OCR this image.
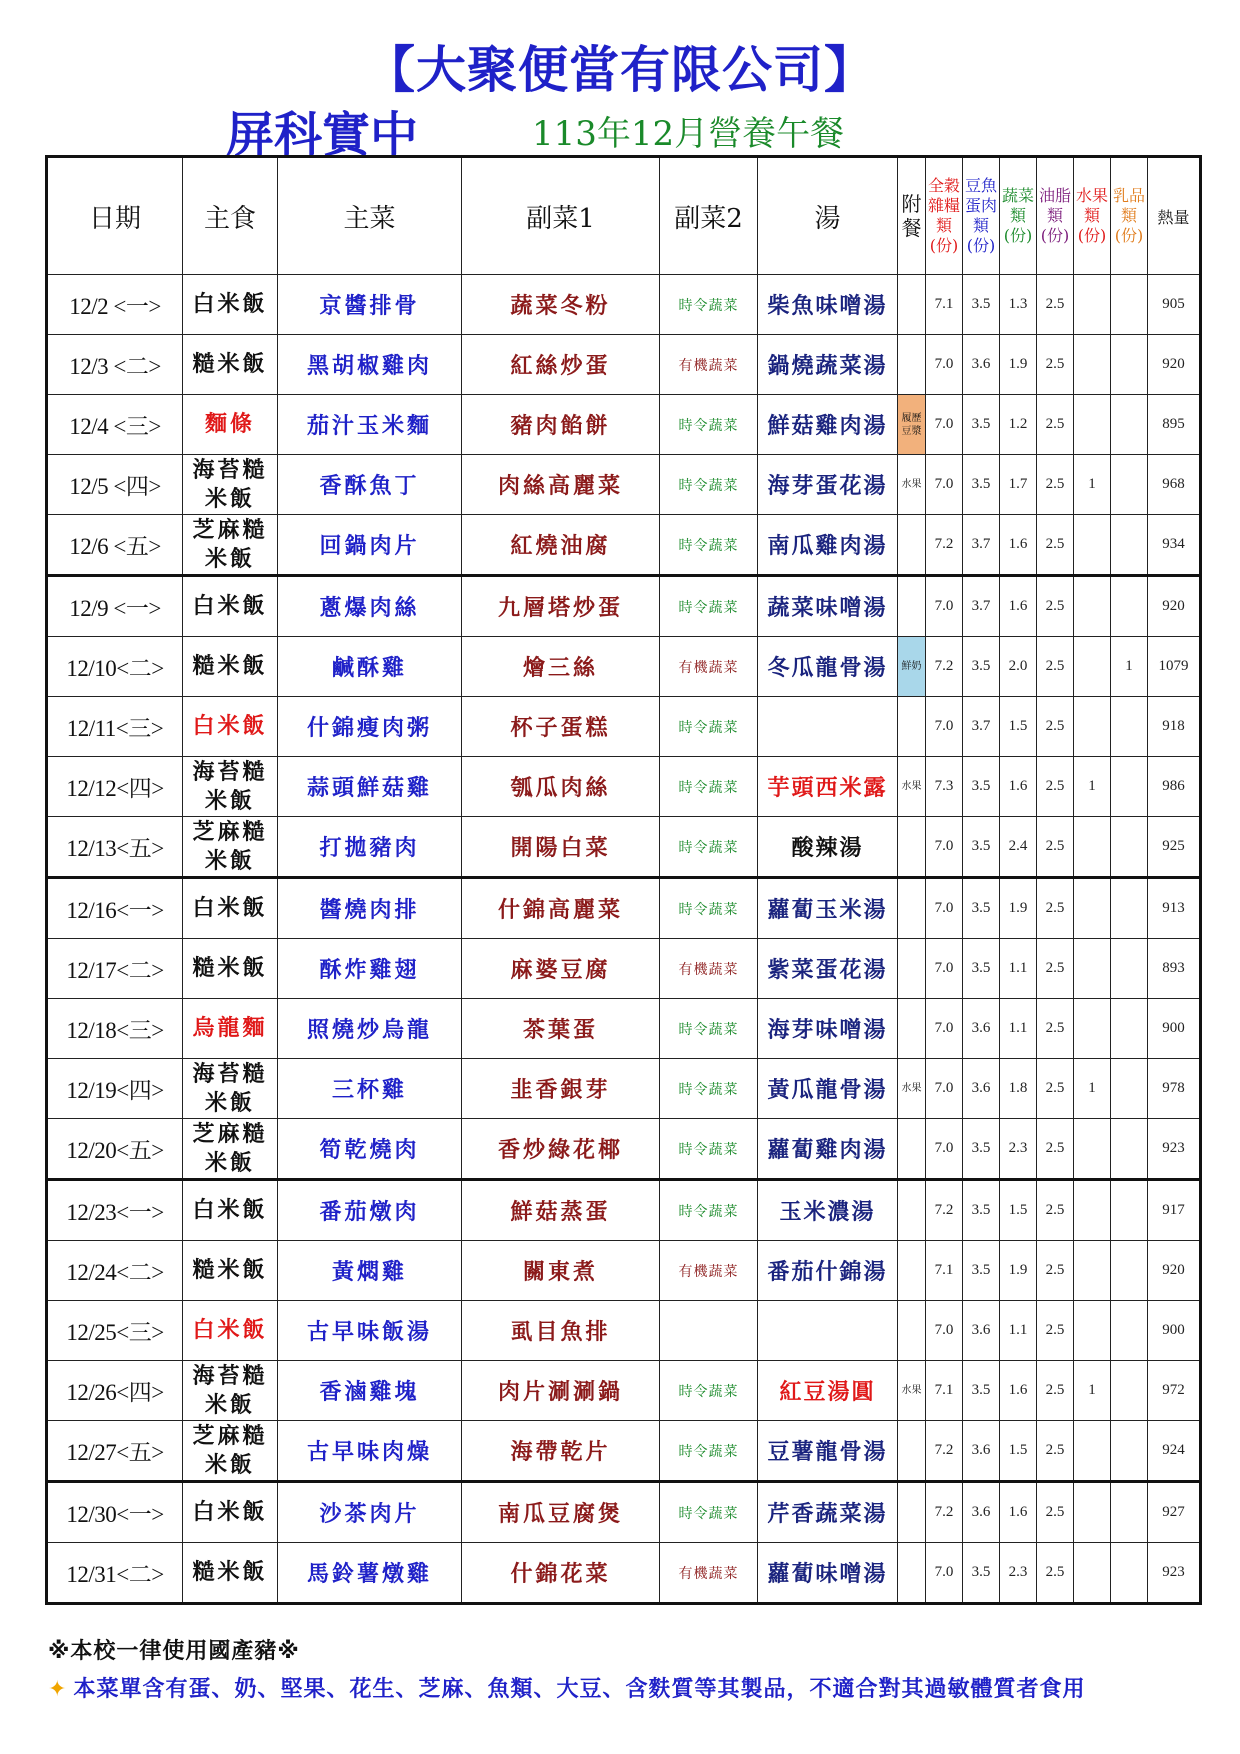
【大聚便當有限公司】
屏科實中	113年12月營養午餐
日期	主食	主菜	副菜1	副菜2	湯	附餐	全穀雜糧類(份)	豆魚蛋肉類(份)	蔬菜類(份)	油脂類(份)	水果類(份)	乳品類(份)	熱量
12/2 <一>	白米飯	京醬排骨	蔬菜冬粉	時令蔬菜	柴魚味噌湯		7.1	3.5	1.3	2.5			905
12/3 <二>	糙米飯	黑胡椒雞肉	紅絲炒蛋	有機蔬菜	鍋燒蔬菜湯		7.0	3.6	1.9	2.5			920
12/4 <三>	麵條	茄汁玉米麵	豬肉餡餅	時令蔬菜	鮮菇雞肉湯	履歷豆漿	7.0	3.5	1.2	2.5			895
12/5 <四>	海苔糙米飯	香酥魚丁	肉絲高麗菜	時令蔬菜	海芽蛋花湯	水果	7.0	3.5	1.7	2.5	1		968
12/6 <五>	芝麻糙米飯	回鍋肉片	紅燒油腐	時令蔬菜	南瓜雞肉湯		7.2	3.7	1.6	2.5			934
12/9 <一>	白米飯	蔥爆肉絲	九層塔炒蛋	時令蔬菜	蔬菜味噌湯		7.0	3.7	1.6	2.5			920
12/10<二>	糙米飯	鹹酥雞	燴三絲	有機蔬菜	冬瓜龍骨湯	鮮奶	7.2	3.5	2.0	2.5		1	1079
12/11<三>	白米飯	什錦瘦肉粥	杯子蛋糕	時令蔬菜			7.0	3.7	1.5	2.5			918
12/12<四>	海苔糙米飯	蒜頭鮮菇雞	瓠瓜肉絲	時令蔬菜	芋頭西米露	水果	7.3	3.5	1.6	2.5	1		986
12/13<五>	芝麻糙米飯	打拋豬肉	開陽白菜	時令蔬菜	酸辣湯		7.0	3.5	2.4	2.5			925
12/16<一>	白米飯	醬燒肉排	什錦高麗菜	時令蔬菜	蘿蔔玉米湯		7.0	3.5	1.9	2.5			913
12/17<二>	糙米飯	酥炸雞翅	麻婆豆腐	有機蔬菜	紫菜蛋花湯		7.0	3.5	1.1	2.5			893
12/18<三>	烏龍麵	照燒炒烏龍	茶葉蛋	時令蔬菜	海芽味噌湯		7.0	3.6	1.1	2.5			900
12/19<四>	海苔糙米飯	三杯雞	韭香銀芽	時令蔬菜	黃瓜龍骨湯	水果	7.0	3.6	1.8	2.5	1		978
12/20<五>	芝麻糙米飯	筍乾燒肉	香炒綠花椰	時令蔬菜	蘿蔔雞肉湯		7.0	3.5	2.3	2.5			923
12/23<一>	白米飯	番茄燉肉	鮮菇蒸蛋	時令蔬菜	玉米濃湯		7.2	3.5	1.5	2.5			917
12/24<二>	糙米飯	黃燜雞	關東煮	有機蔬菜	番茄什錦湯		7.1	3.5	1.9	2.5			920
12/25<三>	白米飯	古早味飯湯	虱目魚排				7.0	3.6	1.1	2.5			900
12/26<四>	海苔糙米飯	香滷雞塊	肉片涮涮鍋	時令蔬菜	紅豆湯圓	水果	7.1	3.5	1.6	2.5	1		972
12/27<五>	芝麻糙米飯	古早味肉燥	海帶乾片	時令蔬菜	豆薯龍骨湯		7.2	3.6	1.5	2.5			924
12/30<一>	白米飯	沙茶肉片	南瓜豆腐煲	時令蔬菜	芹香蔬菜湯		7.2	3.6	1.6	2.5			927
12/31<二>	糙米飯	馬鈴薯燉雞	什錦花菜	有機蔬菜	蘿蔔味噌湯		7.0	3.5	2.3	2.5			923
※本校一律使用國產豬※
✦ 本菜單含有蛋、奶、堅果、花生、芝麻、魚類、大豆、含麩質等其製品，不適合對其過敏體質者食用
